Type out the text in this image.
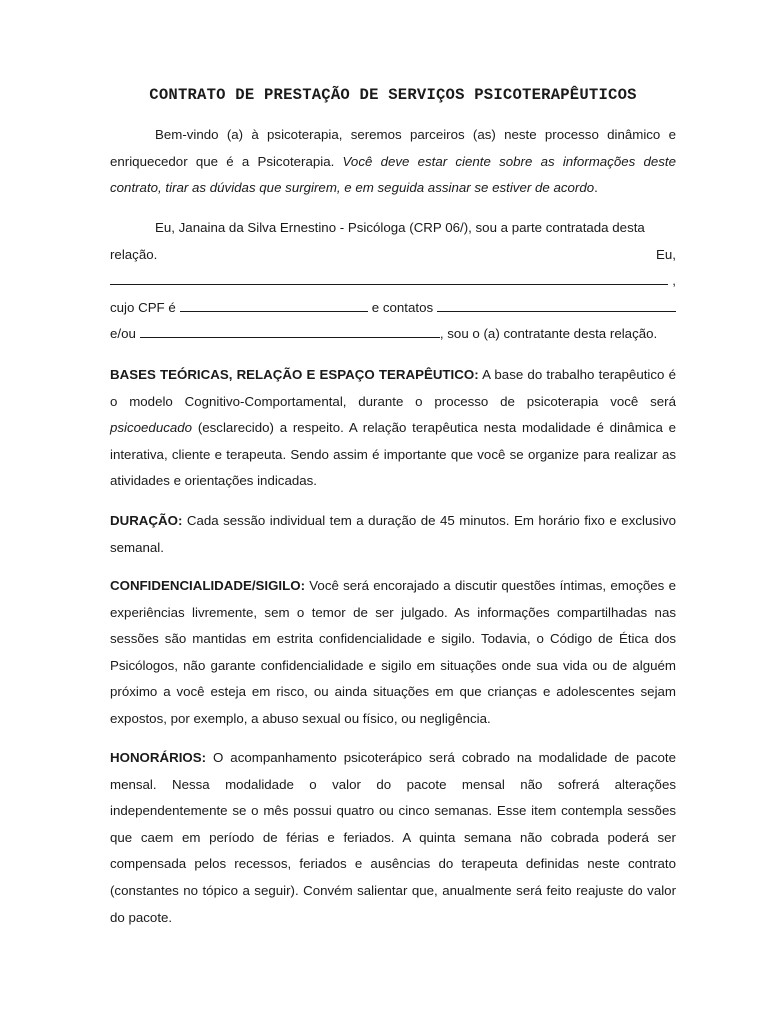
CONTRATO DE PRESTAÇÃO DE SERVIÇOS PSICOTERAPÊUTICOS

Bem-vindo (a) à psicoterapia, seremos parceiros (as) neste processo dinâmico e enriquecedor que é a Psicoterapia. Você deve estar ciente sobre as informações deste contrato, tirar as dúvidas que surgirem, e em seguida assinar se estiver de acordo.

Eu, Janaina da Silva Ernestino - Psicóloga (CRP 06/), sou a parte contratada desta
relação.	Eu,
,
cujo CPF é	e contatos
e/ou	, sou o (a) contratante desta relação.

BASES TEÓRICAS, RELAÇÃO E ESPAÇO TERAPÊUTICO: A base do trabalho terapêutico é o modelo Cognitivo-Comportamental, durante o processo de psicoterapia você será psicoeducado (esclarecido) a respeito. A relação terapêutica nesta modalidade é dinâmica e interativa, cliente e terapeuta. Sendo assim é importante que você se organize para realizar as atividades e orientações indicadas.

DURAÇÃO: Cada sessão individual tem a duração de 45 minutos. Em horário fixo e exclusivo semanal.

CONFIDENCIALIDADE/SIGILO: Você será encorajado a discutir questões íntimas, emoções e experiências livremente, sem o temor de ser julgado. As informações compartilhadas nas sessões são mantidas em estrita confidencialidade e sigilo. Todavia, o Código de Ética dos Psicólogos, não garante confidencialidade e sigilo em situações onde sua vida ou de alguém próximo a você esteja em risco, ou ainda situações em que crianças e adolescentes sejam expostos, por exemplo, a abuso sexual ou físico, ou negligência.

HONORÁRIOS: O acompanhamento psicoterápico será cobrado na modalidade de pacote mensal. Nessa modalidade o valor do pacote mensal não sofrerá alterações independentemente se o mês possui quatro ou cinco semanas. Esse item contempla sessões que caem em período de férias e feriados. A quinta semana não cobrada poderá ser compensada pelos recessos, feriados e ausências do terapeuta definidas neste contrato (constantes no tópico a seguir). Convém salientar que, anualmente será feito reajuste do valor do pacote.
